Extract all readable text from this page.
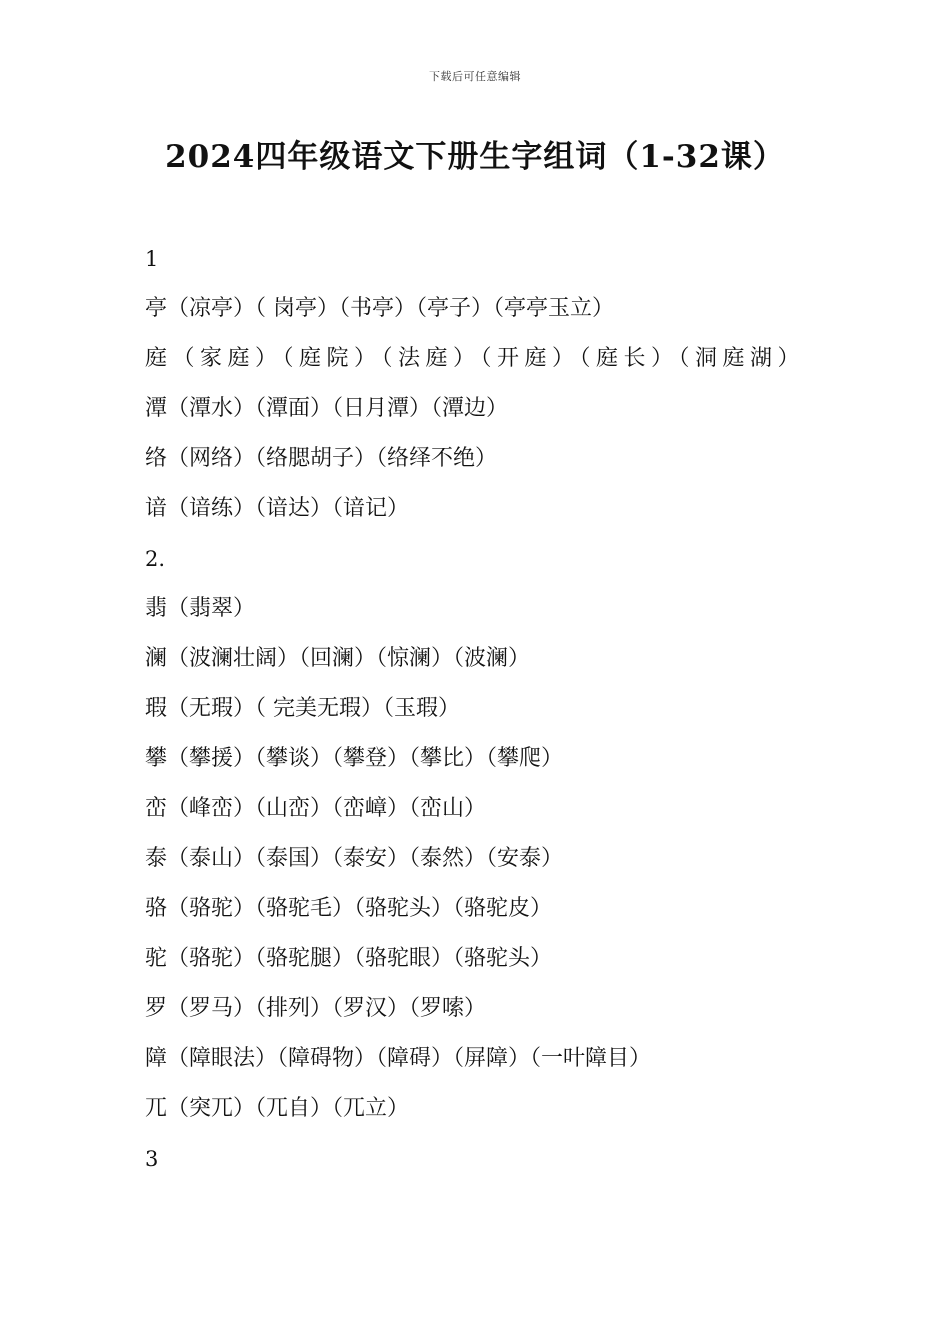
下载后可任意编辑
2024四年级语文下册生字组词（1-32课）
1
亭（凉亭）（ 岗亭）（书亭）（亭子）（亭亭玉立）
庭（家庭）（庭院）（法庭）（开庭）（庭长）（洞庭湖）
潭（潭水）（潭面）（日月潭）（潭边）
络（网络）（络腮胡子）（络绎不绝）
谙（谙练）（谙达）（谙记）
2.
翡（翡翠）
澜（波澜壮阔）（回澜）（惊澜）（波澜）
瑕（无瑕）（ 完美无瑕）（玉瑕）
攀（攀援）（攀谈）（攀登）（攀比）（攀爬）
峦（峰峦）（山峦）（峦嶂）（峦山）
泰（泰山）（泰国）（泰安）（泰然）（安泰）
骆（骆驼）（骆驼毛）（骆驼头）（骆驼皮）
驼（骆驼）（骆驼腿）（骆驼眼）（骆驼头）
罗（罗马）（排列）（罗汉）（罗嗦）
障（障眼法）（障碍物）（障碍）（屏障）（一叶障目）
兀（突兀）（兀自）（兀立）
3
